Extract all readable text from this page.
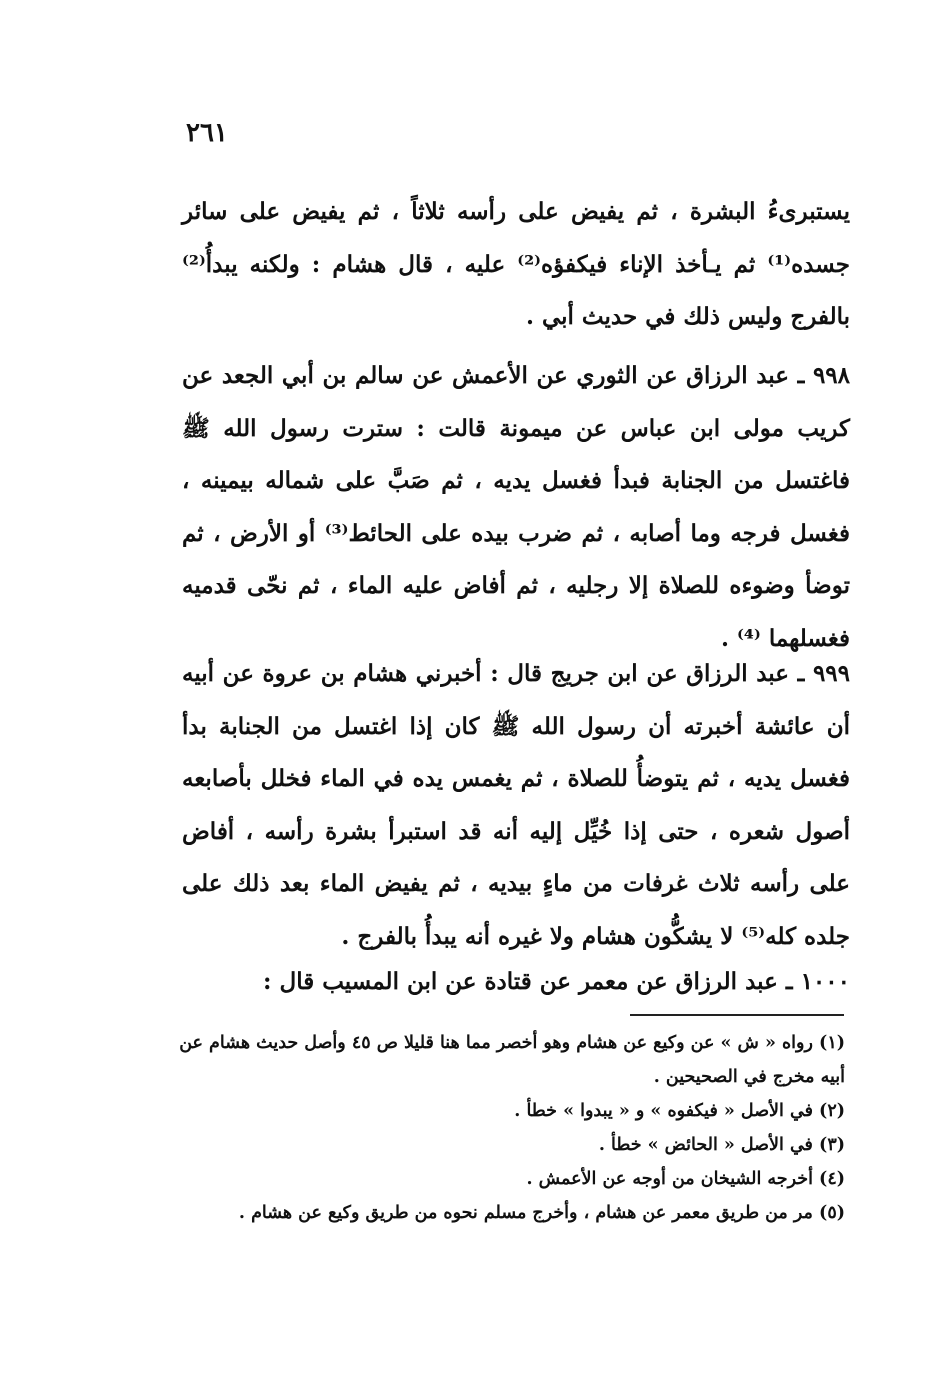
٢٦١

يستبرىءُ البشرة ، ثم يفيض على رأسه ثلاثاً ، ثم يفيض على سائر جسده⁽¹⁾ ثم يـأخذ الإناء فيكفؤه⁽²⁾ عليه ، قال هشام : ولكنه يبدأُ⁽²⁾ بالفرج وليس ذلك في حديث أبي .

٩٩٨ ـ عبد الرزاق عن الثوري عن الأعمش عن سالم بن أبي الجعد عن كريب مولى ابن عباس عن ميمونة قالت : سترت رسول الله ﷺ فاغتسل من الجنابة فبدأ فغسل يديه ، ثم صَبَّ على شماله بيمينه ، فغسل فرجه وما أصابه ، ثم ضرب بيده على الحائط⁽³⁾ أو الأرض ، ثم توضأ وضوءه للصلاة إلا رجليه ، ثم أفاض عليه الماء ، ثم نحّى قدميه فغسلهما ⁽⁴⁾ .

٩٩٩ ـ عبد الرزاق عن ابن جريج قال : أخبرني هشام بن عروة عن أبيه أن عائشة أخبرته أن رسول الله ﷺ كان إذا اغتسل من الجنابة بدأ فغسل يديه ، ثم يتوضأُ للصلاة ، ثم يغمس يده في الماء فخلل بأصابعه أصول شعره ، حتى إذا خُيِّل إليه أنه قد استبرأ بشرة رأسه ، أفاض على رأسه ثلاث غرفات من ماءٍ بيديه ، ثم يفيض الماء بعد ذلك على جلده كله⁽⁵⁾ لا يشكُّون هشام ولا غيره أنه يبدأُ بالفرج .

١٠٠٠ ـ عبد الرزاق عن معمر عن قتادة عن ابن المسيب قال :

(١) رواه « ش » عن وكيع عن هشام وهو أخصر مما هنا قليلا ص ٤٥ وأصل حديث هشام عن أبيه مخرج في الصحيحين .

(٢) في الأصل « فيكفوه » و « يبدوا » خطأ .

(٣) في الأصل « الحائض » خطأ .

(٤) أخرجه الشيخان من أوجه عن الأعمش .

(٥) مر من طريق معمر عن هشام ، وأخرج مسلم نحوه من طريق وكيع عن هشام .
